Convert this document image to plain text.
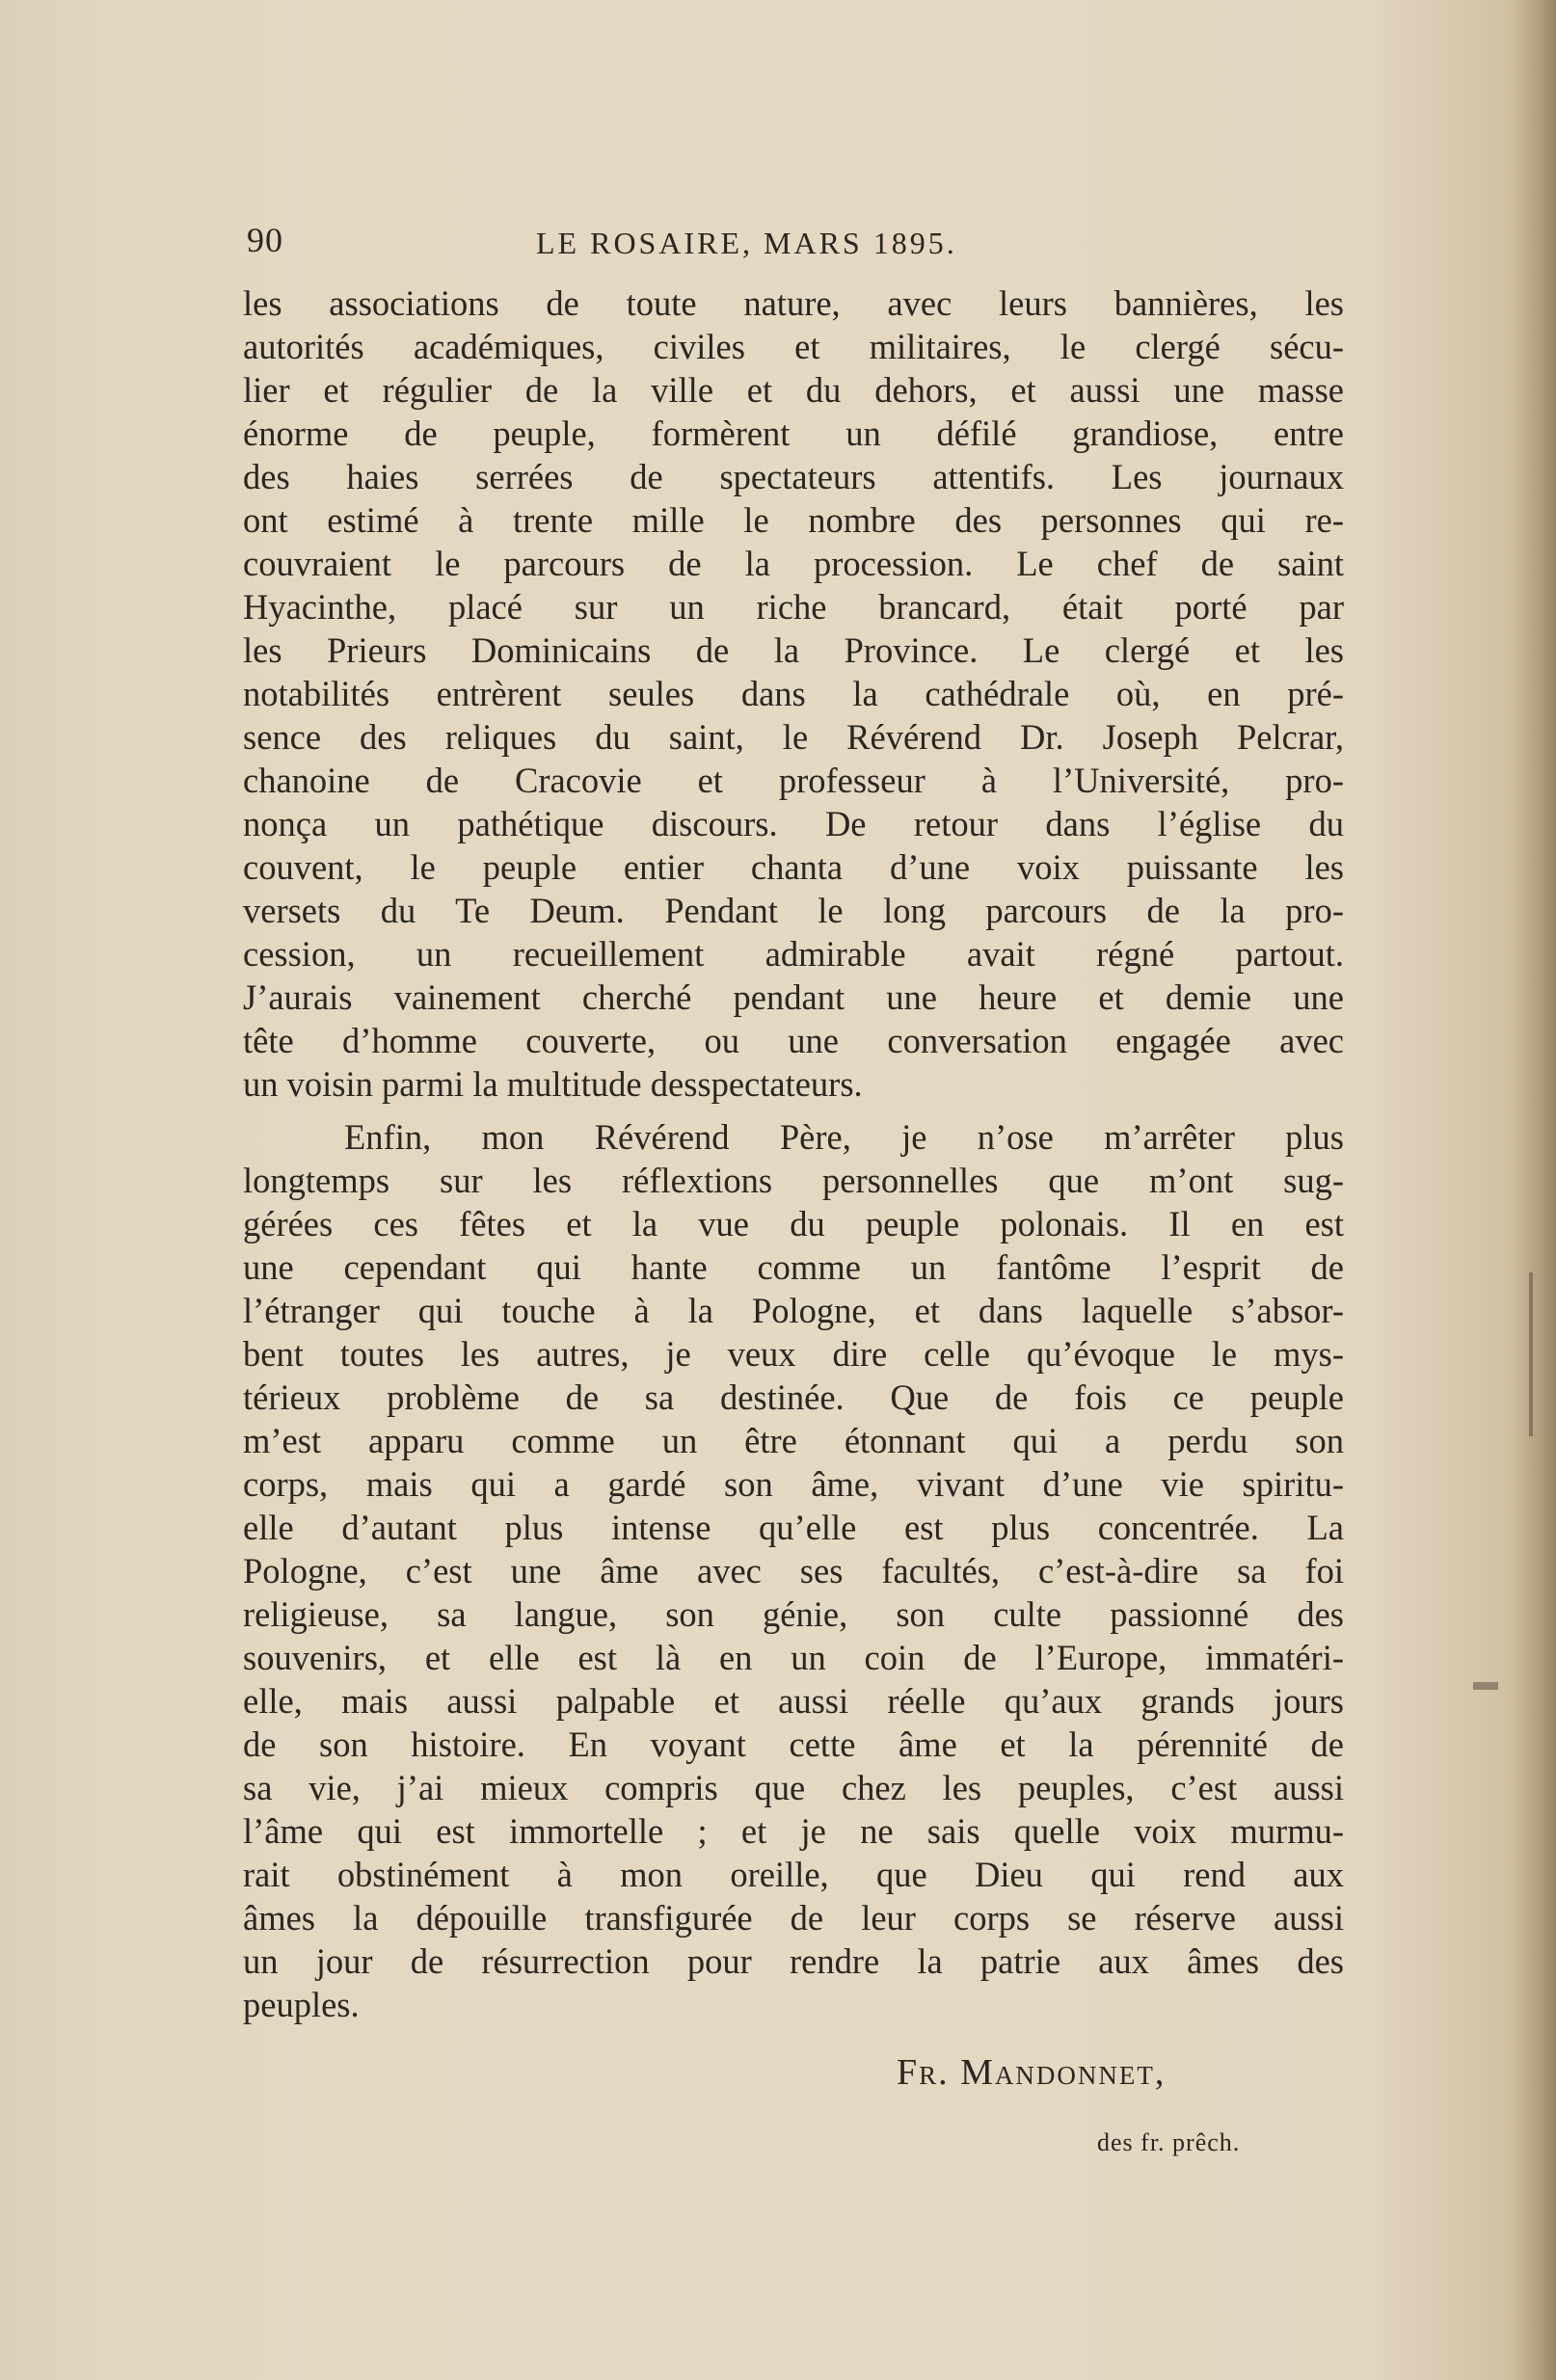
90	LE ROSAIRE, MARS 1895.
les associations de toute nature, avec leurs bannières, les
autorités académiques, civiles et militaires, le clergé sécu-
lier et régulier de la ville et du dehors, et aussi une masse
énorme de peuple, formèrent un défilé grandiose, entre
des haies serrées de spectateurs attentifs. Les journaux
ont estimé à trente mille le nombre des personnes qui re-
couvraient le parcours de la procession. Le chef de saint
Hyacinthe, placé sur un riche brancard, était porté par
les Prieurs Dominicains de la Province. Le clergé et les
notabilités entrèrent seules dans la cathédrale où, en pré-
sence des reliques du saint, le Révérend Dr. Joseph Pelcrar,
chanoine de Cracovie et professeur à l’Université, pro-
nonça un pathétique discours. De retour dans l’église du
couvent, le peuple entier chanta d’une voix puissante les
versets du Te Deum. Pendant le long parcours de la pro-
cession, un recueillement admirable avait régné partout.
J’aurais vainement cherché pendant une heure et demie une
tête d’homme couverte, ou une conversation engagée avec
un voisin parmi la multitude desspectateurs.
Enfin, mon Révérend Père, je n’ose m’arrêter plus
longtemps sur les réflextions personnelles que m’ont sug-
gérées ces fêtes et la vue du peuple polonais. Il en est
une cependant qui hante comme un fantôme l’esprit de
l’étranger qui touche à la Pologne, et dans laquelle s’absor-
bent toutes les autres, je veux dire celle qu’évoque le mys-
térieux problème de sa destinée. Que de fois ce peuple
m’est apparu comme un être étonnant qui a perdu son
corps, mais qui a gardé son âme, vivant d’une vie spiritu-
elle d’autant plus intense qu’elle est plus concentrée. La
Pologne, c’est une âme avec ses facultés, c’est-à-dire sa foi
religieuse, sa langue, son génie, son culte passionné des
souvenirs, et elle est là en un coin de l’Europe, immatéri-
elle, mais aussi palpable et aussi réelle qu’aux grands jours
de son histoire. En voyant cette âme et la pérennité de
sa vie, j’ai mieux compris que chez les peuples, c’est aussi
l’âme qui est immortelle ; et je ne sais quelle voix murmu-
rait obstinément à mon oreille, que Dieu qui rend aux
âmes la dépouille transfigurée de leur corps se réserve aussi
un jour de résurrection pour rendre la patrie aux âmes des
peuples.
Fr. Mandonnet,
des fr. prêch.
